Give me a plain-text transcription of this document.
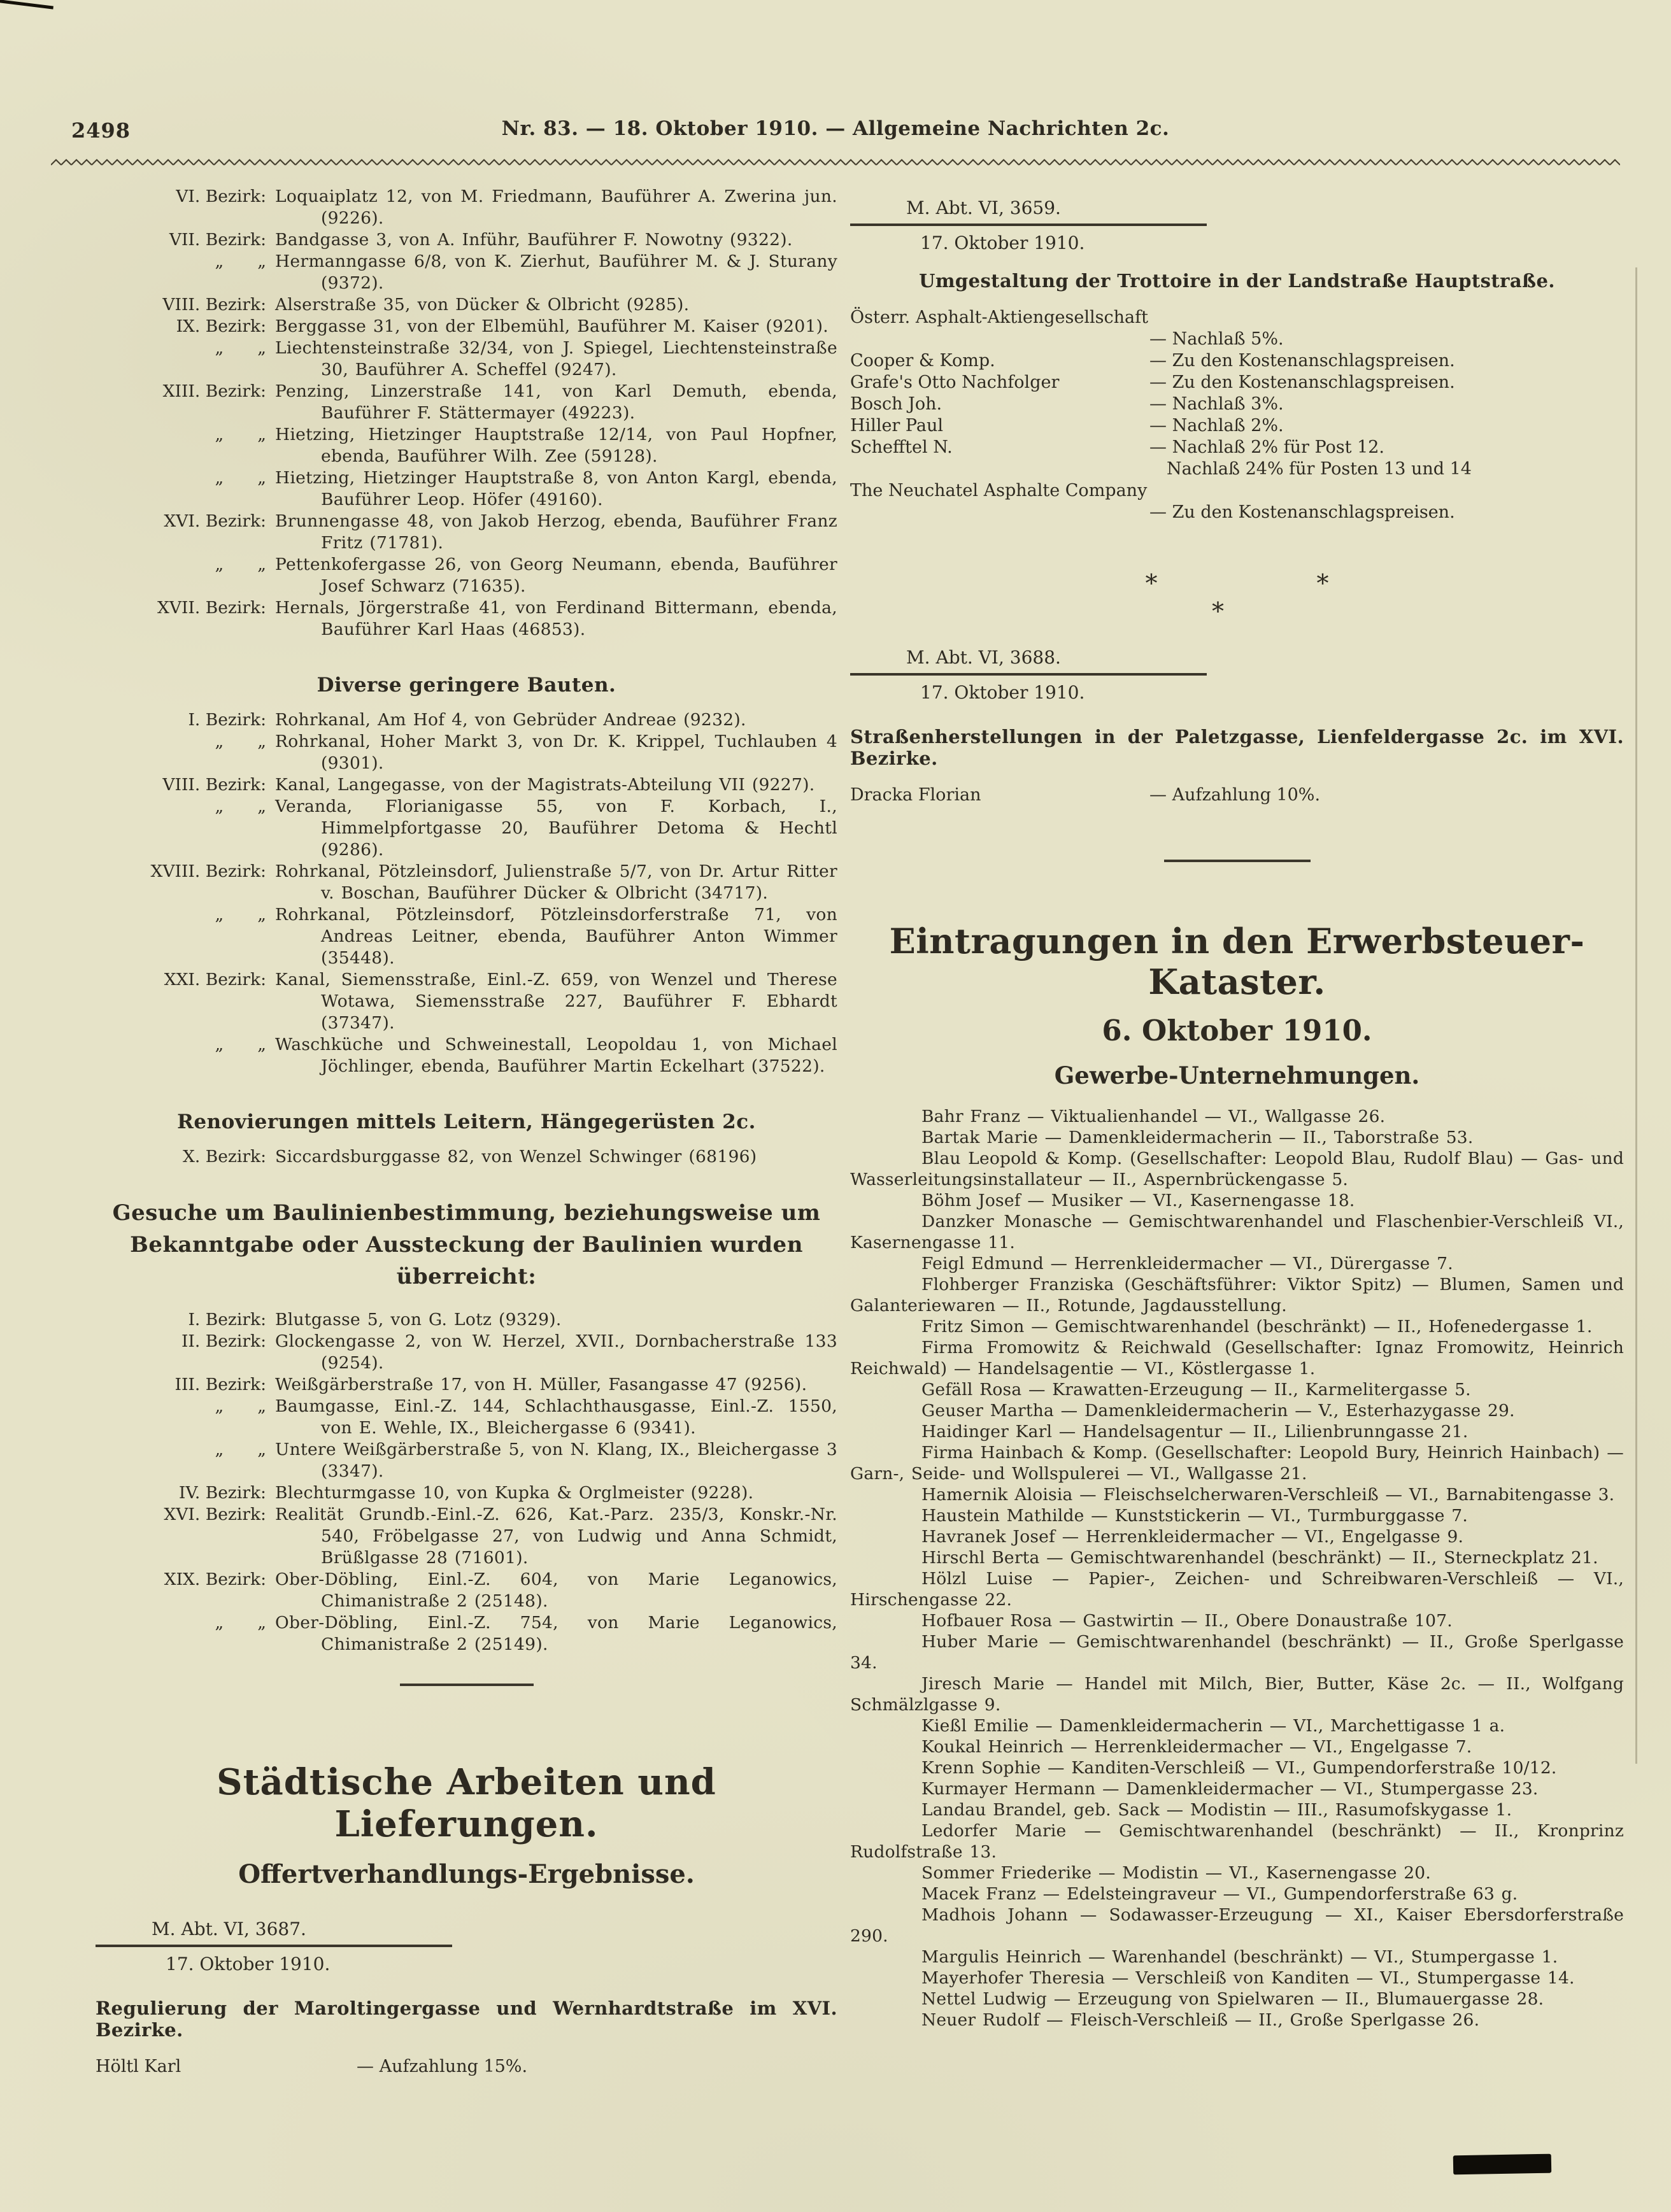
2498	Nr. 83. — 18. Oktober 1910. — Allgemeine Nachrichten 2c.
VI. Bezirk: Loquaiplatz 12, von M. Friedmann, Bauführer A. Zwerina jun. (9226).
VII. Bezirk: Bandgasse 3, von A. Inführ, Bauführer F. Nowotny (9322).
„  „ Hermanngasse 6/8, von K. Zierhut, Bauführer M. & J. Sturany (9372).
VIII. Bezirk: Alserstraße 35, von Dücker & Olbricht (9285).
IX. Bezirk: Berggasse 31, von der Elbemühl, Bauführer M. Kaiser (9201).
„  „ Liechtensteinstraße 32/34, von J. Spiegel, Liechtensteinstraße 30, Bauführer A. Scheffel (9247).
XIII. Bezirk: Penzing, Linzerstraße 141, von Karl Demuth, ebenda, Bauführer F. Stättermayer (49223).
„  „ Hietzing, Hietzinger Hauptstraße 12/14, von Paul Hopfner, ebenda, Bauführer Wilh. Zee (59128).
„  „ Hietzing, Hietzinger Hauptstraße 8, von Anton Kargl, ebenda, Bauführer Leop. Höfer (49160).
XVI. Bezirk: Brunnengasse 48, von Jakob Herzog, ebenda, Bauführer Franz Fritz (71781).
„  „ Pettenkofergasse 26, von Georg Neumann, ebenda, Bauführer Josef Schwarz (71635).
XVII. Bezirk: Hernals, Jörgerstraße 41, von Ferdinand Bittermann, ebenda, Bauführer Karl Haas (46853).
Diverse geringere Bauten.
I. Bezirk: Rohrkanal, Am Hof 4, von Gebrüder Andreae (9232).
„  „ Rohrkanal, Hoher Markt 3, von Dr. K. Krippel, Tuchlauben 4 (9301).
VIII. Bezirk: Kanal, Langegasse, von der Magistrats-Abteilung VII (9227).
„  „ Veranda, Florianigasse 55, von F. Korbach, I., Himmelpfortgasse 20, Bauführer Detoma & Hechtl (9286).
XVIII. Bezirk: Rohrkanal, Pötzleinsdorf, Julienstraße 5/7, von Dr. Artur Ritter v. Boschan, Bauführer Dücker & Olbricht (34717).
„  „ Rohrkanal, Pötzleinsdorf, Pötzleinsdorferstraße 71, von Andreas Leitner, ebenda, Bauführer Anton Wimmer (35448).
XXI. Bezirk: Kanal, Siemensstraße, Einl.-Z. 659, von Wenzel und Therese Wotawa, Siemensstraße 227, Bauführer F. Ebhardt (37347).
„  „ Waschküche und Schweinestall, Leopoldau 1, von Michael Jöchlinger, ebenda, Bauführer Martin Eckelhart (37522).
Renovierungen mittels Leitern, Hängegerüsten 2c.
X. Bezirk: Siccardsburggasse 82, von Wenzel Schwinger (68196)
Gesuche um Baulinienbestimmung, beziehungsweise um Bekanntgabe oder Aussteckung der Baulinien wurden überreicht:
I. Bezirk: Blutgasse 5, von G. Lotz (9329).
II. Bezirk: Glockengasse 2, von W. Herzel, XVII., Dornbacherstraße 133 (9254).
III. Bezirk: Weißgärberstraße 17, von H. Müller, Fasangasse 47 (9256).
„  „ Baumgasse, Einl.-Z. 144, Schlachthausgasse, Einl.-Z. 1550, von E. Wehle, IX., Bleichergasse 6 (9341).
„  „ Untere Weißgärberstraße 5, von N. Klang, IX., Bleichergasse 3 (3347).
IV. Bezirk: Blechturmgasse 10, von Kupka & Orglmeister (9228).
XVI. Bezirk: Realität Grundb.-Einl.-Z. 626, Kat.-Parz. 235/3, Konskr.-Nr. 540, Fröbelgasse 27, von Ludwig und Anna Schmidt, Brüßlgasse 28 (71601).
XIX. Bezirk: Ober-Döbling, Einl.-Z. 604, von Marie Leganowics, Chimanistraße 2 (25148).
„  „ Ober-Döbling, Einl.-Z. 754, von Marie Leganowics, Chimanistraße 2 (25149).
Städtische Arbeiten und Lieferungen.
Offertverhandlungs-Ergebnisse.
M. Abt. VI, 3687.
17. Oktober 1910.
Regulierung der Maroltingergasse und Wernhardtstraße im XVI. Bezirke.
Höltl Karl	— Aufzahlung 15%.
M. Abt. VI, 3659.
17. Oktober 1910.
Umgestaltung der Trottoire in der Landstraße Hauptstraße.
Österr. Asphalt-Aktiengesellschaft
— Nachlaß 5%.
Cooper & Komp.	— Zu den Kostenanschlagspreisen.
Grafe's Otto Nachfolger	— Zu den Kostenanschlagspreisen.
Bosch Joh.	— Nachlaß 3%.
Hiller Paul	— Nachlaß 2%.
Schefftel N.	— Nachlaß 2% für Post 12.
 Nachlaß 24% für Posten 13 und 14
The Neuchatel Asphalte Company
— Zu den Kostenanschlagspreisen.
*	*
*
M. Abt. VI, 3688.
17. Oktober 1910.
Straßenherstellungen in der Paletzgasse, Lienfeldergasse 2c. im XVI. Bezirke.
Dracka Florian	— Aufzahlung 10%.
Eintragungen in den Erwerbsteuer-Kataster.
6. Oktober 1910.
Gewerbe-Unternehmungen.

Bahr Franz — Viktualienhandel — VI., Wallgasse 26.

Bartak Marie — Damenkleidermacherin — II., Taborstraße 53.

Blau Leopold & Komp. (Gesellschafter: Leopold Blau, Rudolf Blau) — Gas- und Wasserleitungsinstallateur — II., Aspernbrückengasse 5.

Böhm Josef — Musiker — VI., Kasernengasse 18.

Danzker Monasche — Gemischtwarenhandel und Flaschenbier-Verschleiß VI., Kasernengasse 11.

Feigl Edmund — Herrenkleidermacher — VI., Dürergasse 7.

Flohberger Franziska (Geschäftsführer: Viktor Spitz) — Blumen, Samen und Galanteriewaren — II., Rotunde, Jagdausstellung.

Fritz Simon — Gemischtwarenhandel (beschränkt) — II., Hofenedergasse 1.

Firma Fromowitz & Reichwald (Gesellschafter: Ignaz Fromowitz, Heinrich Reichwald) — Handelsagentie — VI., Köstlergasse 1.

Gefäll Rosa — Krawatten-Erzeugung — II., Karmelitergasse 5.

Geuser Martha — Damenkleidermacherin — V., Esterhazygasse 29.

Haidinger Karl — Handelsagentur — II., Lilienbrunngasse 21.

Firma Hainbach & Komp. (Gesellschafter: Leopold Bury, Heinrich Hainbach) — Garn-, Seide- und Wollspulerei — VI., Wallgasse 21.

Hamernik Aloisia — Fleischselcherwaren-Verschleiß — VI., Barnabitengasse 3.

Haustein Mathilde — Kunststickerin — VI., Turmburggasse 7.

Havranek Josef — Herrenkleidermacher — VI., Engelgasse 9.

Hirschl Berta — Gemischtwarenhandel (beschränkt) — II., Sterneckplatz 21.

Hölzl Luise — Papier-, Zeichen- und Schreibwaren-Verschleiß — VI., Hirschengasse 22.

Hofbauer Rosa — Gastwirtin — II., Obere Donaustraße 107.

Huber Marie — Gemischtwarenhandel (beschränkt) — II., Große Sperlgasse 34.

Jiresch Marie — Handel mit Milch, Bier, Butter, Käse 2c. — II., Wolfgang Schmälzlgasse 9.

Kießl Emilie — Damenkleidermacherin — VI., Marchettigasse 1 a.

Koukal Heinrich — Herrenkleidermacher — VI., Engelgasse 7.

Krenn Sophie — Kanditen-Verschleiß — VI., Gumpendorferstraße 10/12.

Kurmayer Hermann — Damenkleidermacher — VI., Stumpergasse 23.

Landau Brandel, geb. Sack — Modistin — III., Rasumofskygasse 1.

Ledorfer Marie — Gemischtwarenhandel (beschränkt) — II., Kronprinz Rudolfstraße 13.

Sommer Friederike — Modistin — VI., Kasernengasse 20.

Macek Franz — Edelsteingraveur — VI., Gumpendorferstraße 63 g.

Madhois Johann — Sodawasser-Erzeugung — XI., Kaiser Ebersdorferstraße 290.

Margulis Heinrich — Warenhandel (beschränkt) — VI., Stumpergasse 1.

Mayerhofer Theresia — Verschleiß von Kanditen — VI., Stumpergasse 14.

Nettel Ludwig — Erzeugung von Spielwaren — II., Blumauergasse 28.

Neuer Rudolf — Fleisch-Verschleiß — II., Große Sperlgasse 26.
